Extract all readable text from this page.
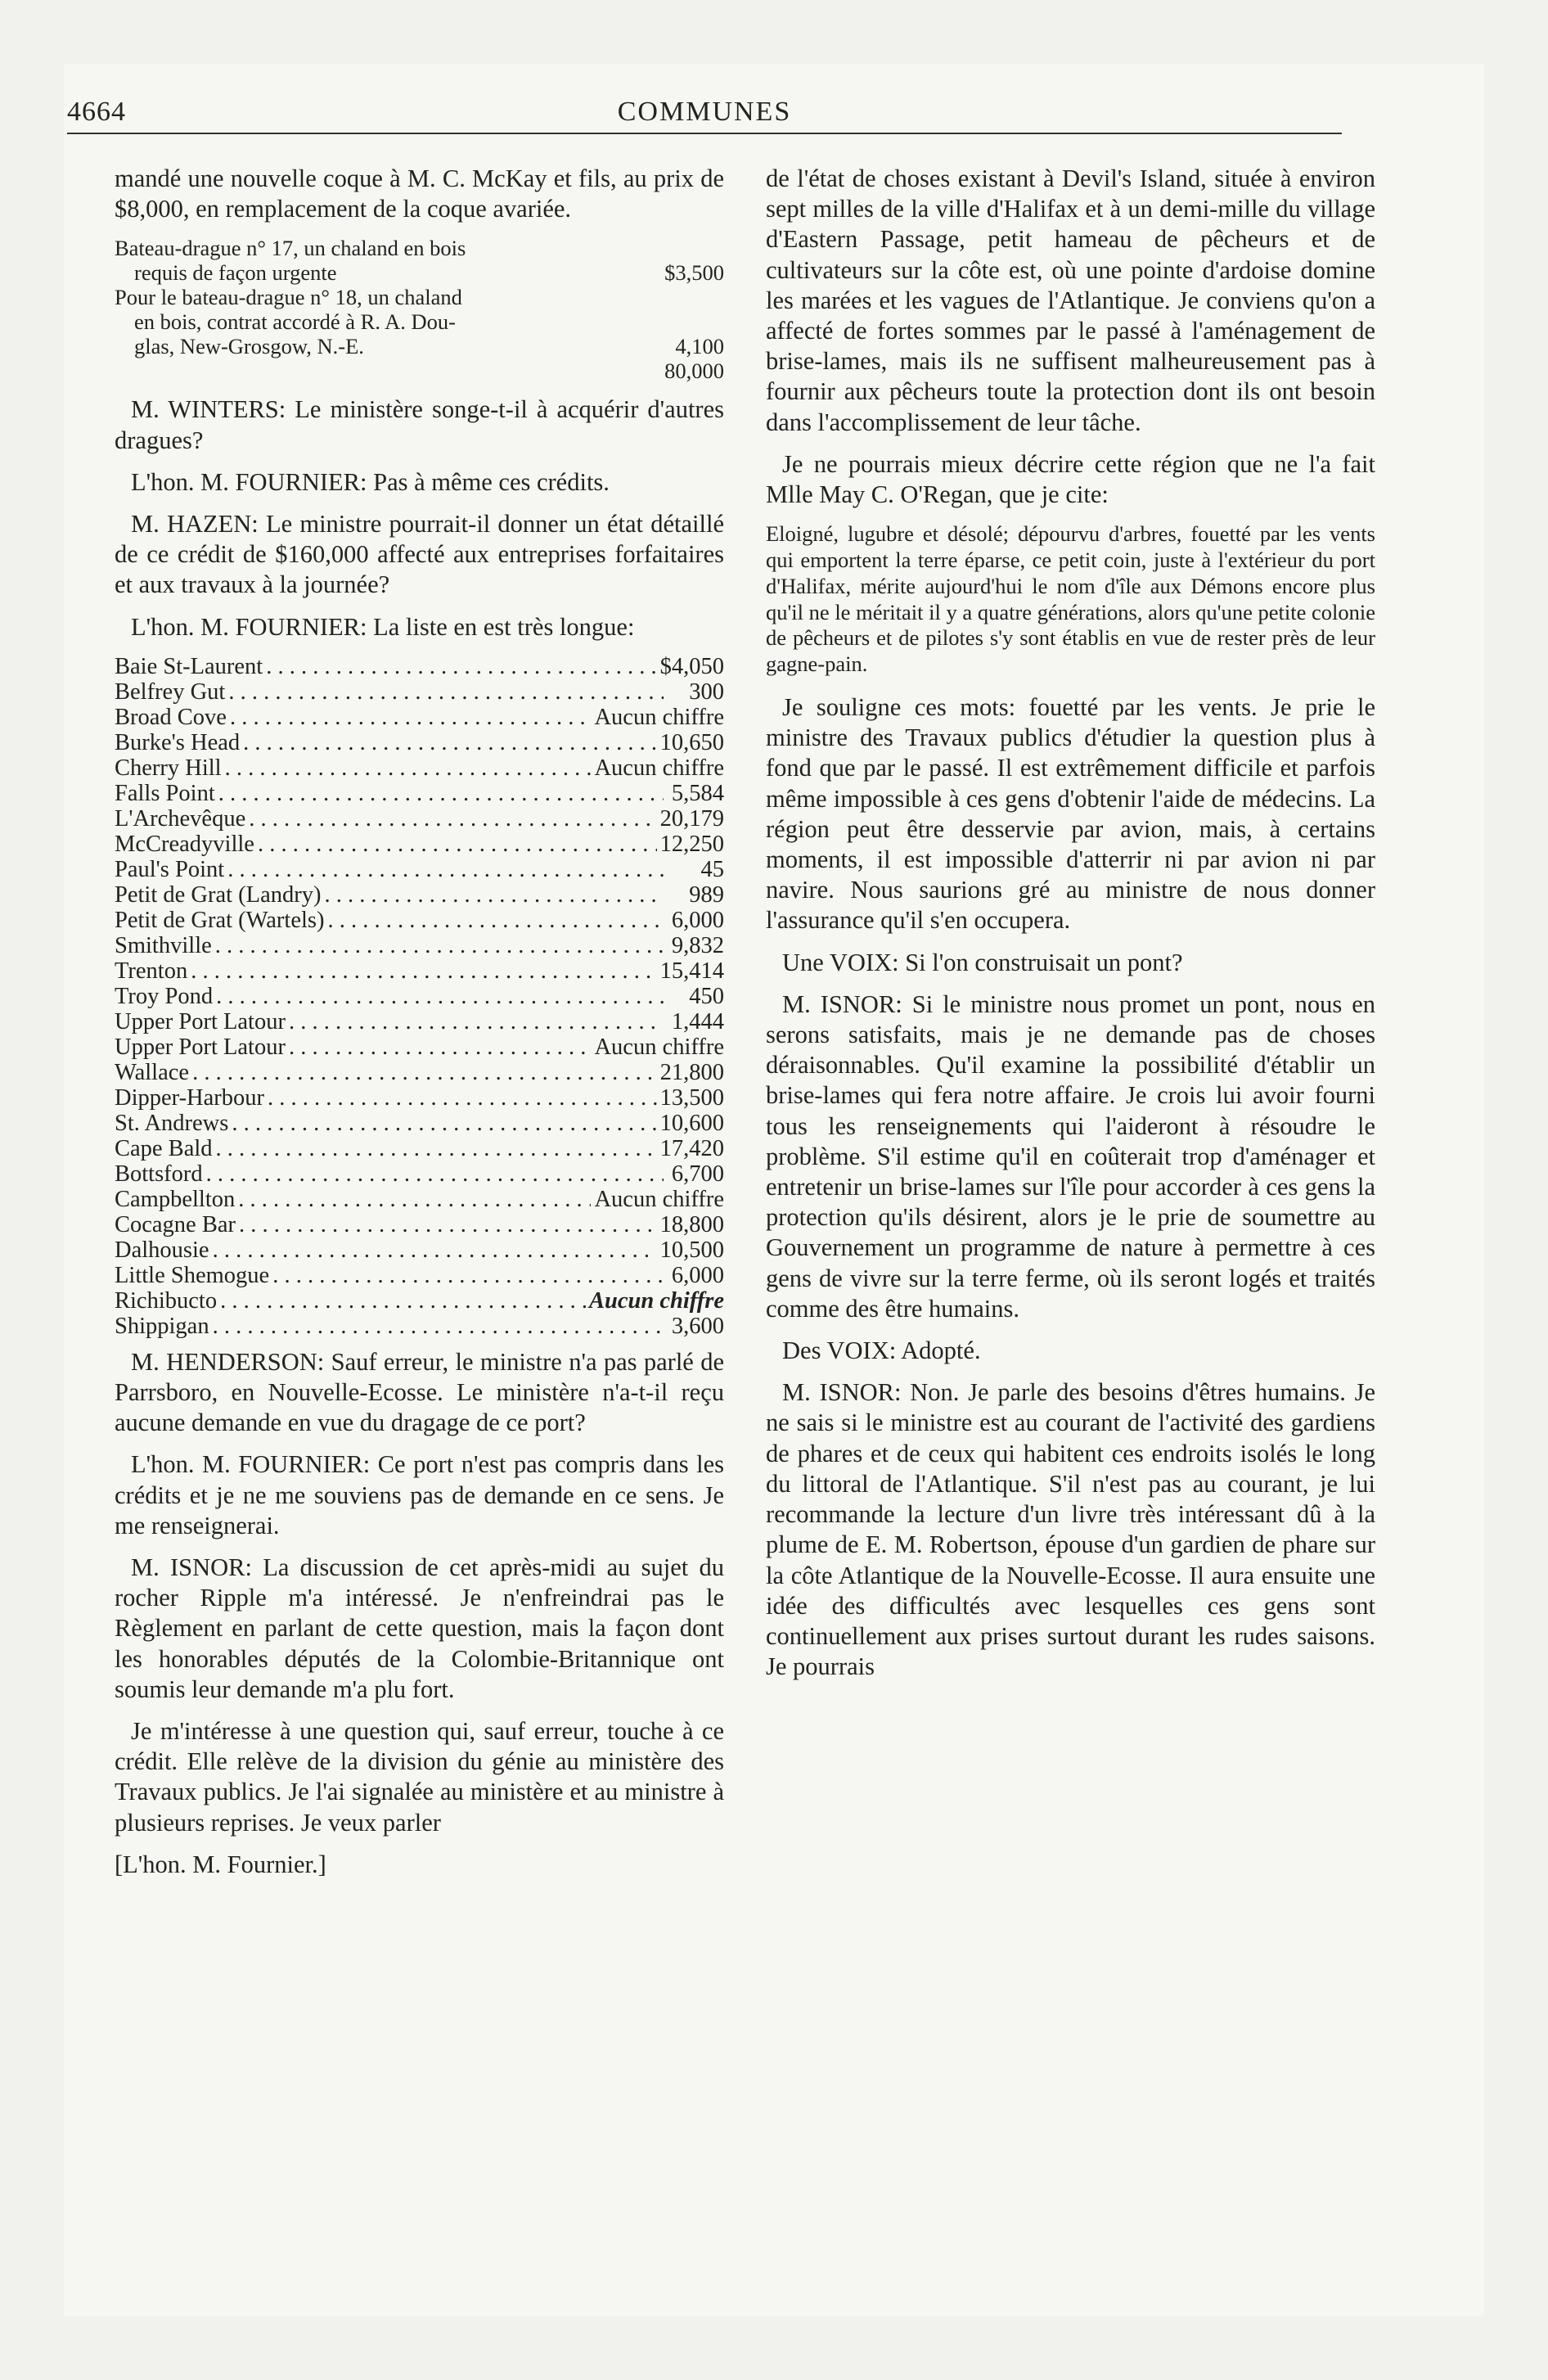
COMMUNES
4664

mandé une nouvelle coque à M. C. McKay et fils, au prix de $8,000, en remplacement de la coque avariée.

Bateau-drague n° 17, un chaland en bois
requis de façon urgente	$3,500
Pour le bateau-drague n° 18, un chaland
en bois, contrat accordé à R. A. Dou-
glas, New-Grosgow, N.-E.	4,100
80,000

M. WINTERS: Le ministère songe-t-il à acquérir d'autres dragues?

L'hon. M. FOURNIER: Pas à même ces crédits.

M. HAZEN: Le ministre pourrait-il donner un état détaillé de ce crédit de $160,000 affecté aux entreprises forfaitaires et aux travaux à la journée?

L'hon. M. FOURNIER: La liste en est très longue:

Baie St-Laurent . . .	$4,050
Belfrey Gut . . .	300
Broad Cove . . .	Aucun chiffre
Burke's Head . . .	10,650
Cherry Hill . . .	Aucun chiffre
Falls Point . . .	5,584
L'Archevêque . . .	20,179
McCreadyville . . .	12,250
Paul's Point . . .	45
Petit de Grat (Landry) . . .	989
Petit de Grat (Wartels) . . .	6,000
Smithville . . .	9,832
Trenton . . .	15,414
Troy Pond . . .	450
Upper Port Latour . . .	1,444
Upper Port Latour . . .	Aucun chiffre
Wallace . . .	21,800
Dipper-Harbour . . .	13,500
St. Andrews . . .	10,600
Cape Bald . . .	17,420
Bottsford . . .	6,700
Campbellton . . .	Aucun chiffre
Cocagne Bar . . .	18,800
Dalhousie . . .	10,500
Little Shemogue . . .	6,000
Richibucto . . .	Aucun chiffre
Shippigan . . .	3,600

M. HENDERSON: Sauf erreur, le ministre n'a pas parlé de Parrsboro, en Nouvelle-Ecosse. Le ministère n'a-t-il reçu aucune demande en vue du dragage de ce port?

L'hon. M. FOURNIER: Ce port n'est pas compris dans les crédits et je ne me souviens pas de demande en ce sens. Je me renseignerai.

M. ISNOR: La discussion de cet après-midi au sujet du rocher Ripple m'a intéressé. Je n'enfreindrai pas le Règlement en parlant de cette question, mais la façon dont les honorables députés de la Colombie-Britannique ont soumis leur demande m'a plu fort.

Je m'intéresse à une question qui, sauf erreur, touche à ce crédit. Elle relève de la division du génie au ministère des Travaux publics. Je l'ai signalée au ministère et au ministre à plusieurs reprises. Je veux parler

[L'hon. M. Fournier.]

de l'état de choses existant à Devil's Island, située à environ sept milles de la ville d'Halifax et à un demi-mille du village d'Eastern Passage, petit hameau de pêcheurs et de cultivateurs sur la côte est, où une pointe d'ardoise domine les marées et les vagues de l'Atlantique. Je conviens qu'on a affecté de fortes sommes par le passé à l'aménagement de brise-lames, mais ils ne suffisent malheureusement pas à fournir aux pêcheurs toute la protection dont ils ont besoin dans l'accomplissement de leur tâche.

Je ne pourrais mieux décrire cette région que ne l'a fait Mlle May C. O'Regan, que je cite:

Eloigné, lugubre et désolé; dépourvu d'arbres, fouetté par les vents qui emportent la terre éparse, ce petit coin, juste à l'extérieur du port d'Halifax, mérite aujourd'hui le nom d'île aux Démons encore plus qu'il ne le méritait il y a quatre générations, alors qu'une petite colonie de pêcheurs et de pilotes s'y sont établis en vue de rester près de leur gagne-pain.

Je souligne ces mots: fouetté par les vents. Je prie le ministre des Travaux publics d'étudier la question plus à fond que par le passé. Il est extrêmement difficile et parfois même impossible à ces gens d'obtenir l'aide de médecins. La région peut être desservie par avion, mais, à certains moments, il est impossible d'atterrir ni par avion ni par navire. Nous saurions gré au ministre de nous donner l'assurance qu'il s'en occupera.

Une VOIX: Si l'on construisait un pont?

M. ISNOR: Si le ministre nous promet un pont, nous en serons satisfaits, mais je ne demande pas de choses déraisonnables. Qu'il examine la possibilité d'établir un brise-lames qui fera notre affaire. Je crois lui avoir fourni tous les renseignements qui l'aideront à résoudre le problème. S'il estime qu'il en coûterait trop d'aménager et entretenir un brise-lames sur l'île pour accorder à ces gens la protection qu'ils désirent, alors je le prie de soumettre au Gouvernement un programme de nature à permettre à ces gens de vivre sur la terre ferme, où ils seront logés et traités comme des être humains.

Des VOIX: Adopté.

M. ISNOR: Non. Je parle des besoins d'êtres humains. Je ne sais si le ministre est au courant de l'activité des gardiens de phares et de ceux qui habitent ces endroits isolés le long du littoral de l'Atlantique. S'il n'est pas au courant, je lui recommande la lecture d'un livre très intéressant dû à la plume de E. M. Robertson, épouse d'un gardien de phare sur la côte Atlantique de la Nouvelle-Ecosse. Il aura ensuite une idée des difficultés avec lesquelles ces gens sont continuellement aux prises surtout durant les rudes saisons. Je pourrais
